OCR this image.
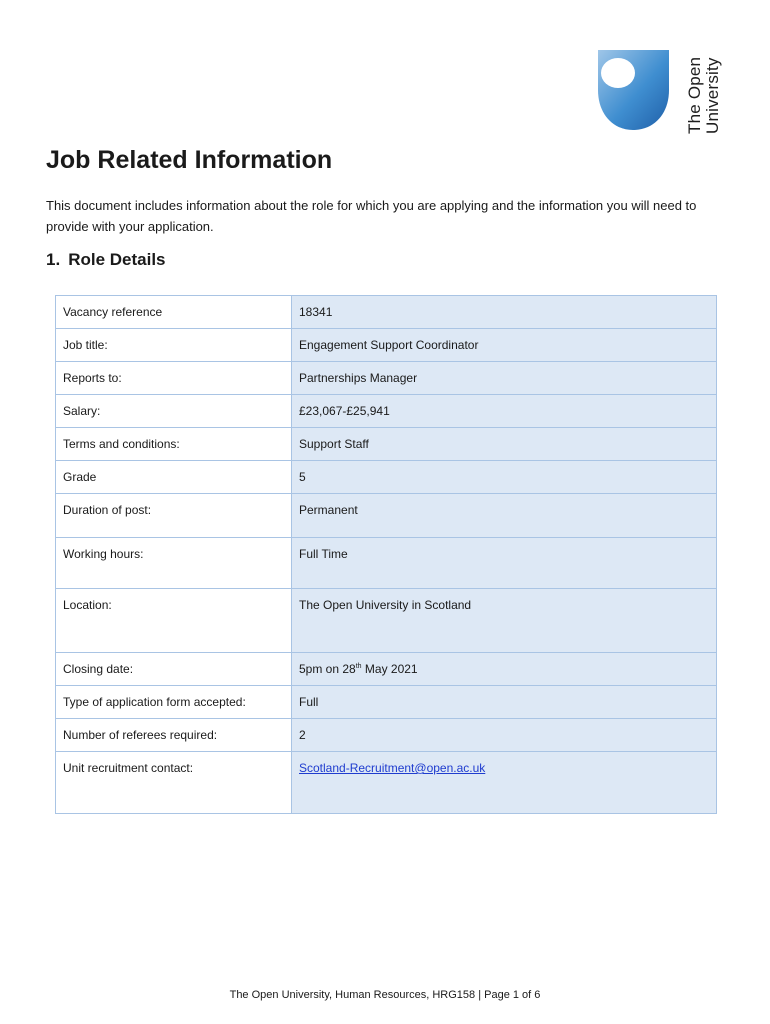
The Open University
Job Related Information

This document includes information about the role for which you are applying and the information you will need to provide with your application.

1. Role Details
Vacancy reference	18341
Job title:	Engagement Support Coordinator
Reports to:	Partnerships Manager
Salary:	£23,067-£25,941
Terms and conditions:	Support Staff
Grade	5
Duration of post:	Permanent
Working hours:	Full Time
Location:	The Open University in Scotland
Closing date:	5pm on 28th May 2021
Type of application form accepted:	Full
Number of referees required:	2
Unit recruitment contact:	Scotland-Recruitment@open.ac.uk
The Open University, Human Resources, HRG158 | Page 1 of 6
